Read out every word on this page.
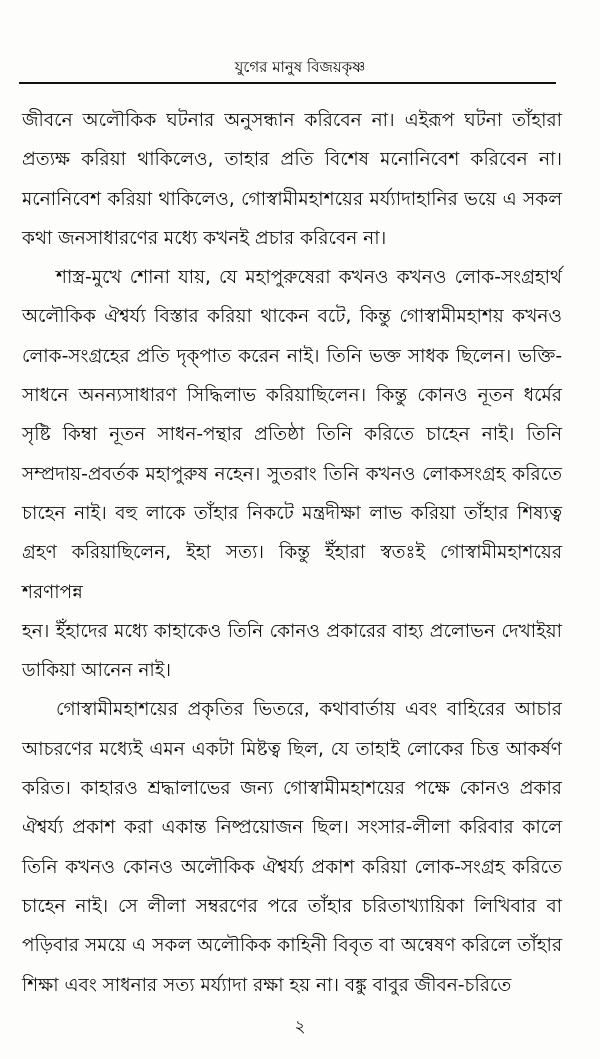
যুগের মানুষ বিজয়কৃষ্ণ
জীবনে অলৌকিক ঘটনার অনুসন্ধান করিবেন না। এইরূপ ঘটনা তাঁহারা
প্রত্যক্ষ করিয়া থাকিলেও, তাহার প্রতি বিশেষ মনোনিবেশ করিবেন না।
মনোনিবেশ করিয়া থাকিলেও, গোস্বামীমহাশয়ের মর্য্যাদাহানির ভয়ে এ সকল
কথা জনসাধারণের মধ্যে কখনই প্রচার করিবেন না।
শাস্ত্র-মুখে শোনা যায়, যে মহাপুরুষেরা কখনও কখনও লোক-সংগ্রহার্থ
অলৌকিক ঐশ্বর্য্য বিস্তার করিয়া থাকেন বটে, কিন্তু গোস্বামীমহাশয় কখনও
লোক-সংগ্রহের প্রতি দৃক্‌পাত করেন নাই। তিনি ভক্ত সাধক ছিলেন। ভক্তি-
সাধনে অনন্যসাধারণ সিদ্ধিলাভ করিয়াছিলেন। কিন্তু কোনও নূতন ধর্মের
সৃষ্টি কিম্বা নূতন সাধন-পন্থার প্রতিষ্ঠা তিনি করিতে চাহেন নাই। তিনি
সম্প্রদায়-প্রবর্তক মহাপুরুষ নহেন। সুতরাং তিনি কখনও লোকসংগ্রহ করিতে
চাহেন নাই। বহু লাকে তাঁহার নিকটে মন্ত্রদীক্ষা লাভ করিয়া তাঁহার শিষ্যত্ব
গ্রহণ করিয়াছিলেন, ইহা সত্য। কিন্তু ইঁহারা স্বতঃই গোস্বামীমহাশয়ের শরণাপন্ন
হন। ইঁহাদের মধ্যে কাহাকেও তিনি কোনও প্রকারের বাহ্য প্রলোভন দেখাইয়া
ডাকিয়া আনেন নাই।
গোস্বামীমহাশয়ের প্রকৃতির ভিতরে, কথাবার্তায় এবং বাহিরের আচার
আচরণের মধ্যেই এমন একটা মিষ্টত্ব ছিল, যে তাহাই লোকের চিত্ত আকর্ষণ
করিত। কাহারও শ্রদ্ধালাভের জন্য গোস্বামীমহাশয়ের পক্ষে কোনও প্রকার
ঐশ্বর্য্য প্রকাশ করা একান্ত নিষ্প্রয়োজন ছিল। সংসার-লীলা করিবার কালে
তিনি কখনও কোনও অলৌকিক ঐশ্বর্য্য প্রকাশ করিয়া লোক-সংগ্রহ করিতে
চাহেন নাই। সে লীলা সম্বরণের পরে তাঁহার চরিতাখ্যায়িকা লিখিবার বা
পড়িবার সময়ে এ সকল অলৌকিক কাহিনী বিবৃত বা অন্বেষণ করিলে তাঁহার
শিক্ষা এবং সাধনার সত্য মর্য্যাদা রক্ষা হয় না। বঙ্কু বাবুর জীবন-চরিতে
২
